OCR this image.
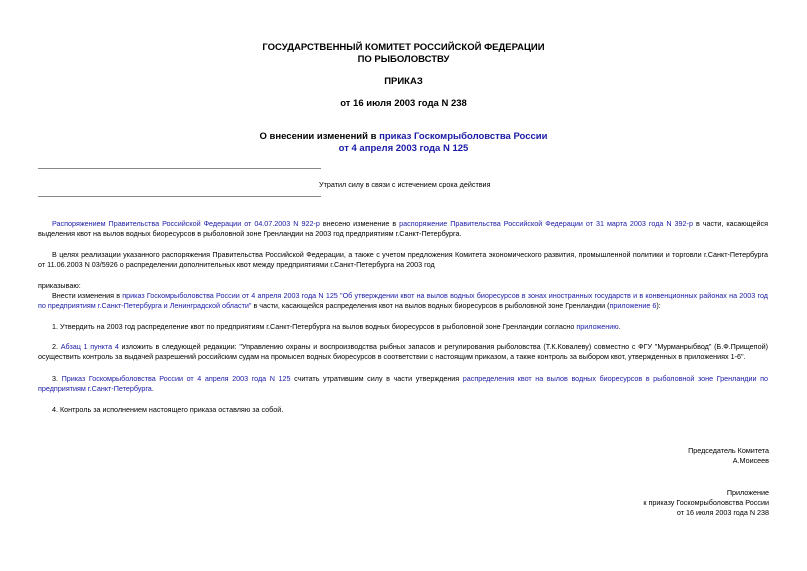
ГОСУДАРСТВЕННЫЙ КОМИТЕТ РОССИЙСКОЙ ФЕДЕРАЦИИ
ПО РЫБОЛОВСТВУ
ПРИКАЗ
от 16 июля 2003 года N 238
О внесении изменений в приказ Госкомрыболовства России
от 4 апреля 2003 года N 125
Утратил силу в связи с истечением срока действия
Распоряжением Правительства Российской Федерации от 04.07.2003 N 922-р внесено изменение в распоряжение Правительства Российской Федерации от 31 марта 2003 года N 392-р в части, касающейся выделения квот на вылов водных биоресурсов в рыболовной зоне Гренландии на 2003 год предприятиям г.Санкт-Петербурга.
В целях реализации указанного распоряжения Правительства Российской Федерации, а также с учетом предложения Комитета экономического развития, промышленной политики и торговли г.Санкт-Петербурга от 11.06.2003 N 03/5926 о распределении дополнительных квот между предприятиями г.Санкт-Петербурга на 2003 год
приказываю:
Внести изменения в приказ Госкомрыболовства России от 4 апреля 2003 года N 125 "Об утверждении квот на вылов водных биоресурсов в зонах иностранных государств и в конвенционных районах на 2003 год по предприятиям г.Санкт-Петербурга и Ленинградской области" в части, касающейся распределения квот на вылов водных биоресурсов в рыболовной зоне Гренландии (приложение 6):
1. Утвердить на 2003 год распределение квот по предприятиям г.Санкт-Петербурга на вылов водных биоресурсов в рыболовной зоне Гренландии согласно приложению.
2. Абзац 1 пункта 4 изложить в следующей редакции: "Управлению охраны и воспроизводства рыбных запасов и регулирования рыболовства (Т.К.Ковалеву) совместно с ФГУ "Мурманрыбвод" (Б.Ф.Прищепой) осуществить контроль за выдачей разрешений российским судам на промысел водных биоресурсов в соответствии с настоящим приказом, а также контроль за выбором квот, утвержденных в приложениях 1-6".
3. Приказ Госкомрыболовства России от 4 апреля 2003 года N 125 считать утратившим силу в части утверждения распределения квот на вылов водных биоресурсов в рыболовной зоне Гренландии по предприятиям г.Санкт-Петербурга.
4. Контроль за исполнением настоящего приказа оставляю за собой.
Председатель Комитета
А.Моисеев
Приложение
к приказу Госкомрыболовства России
от 16 июля 2003 года N 238
